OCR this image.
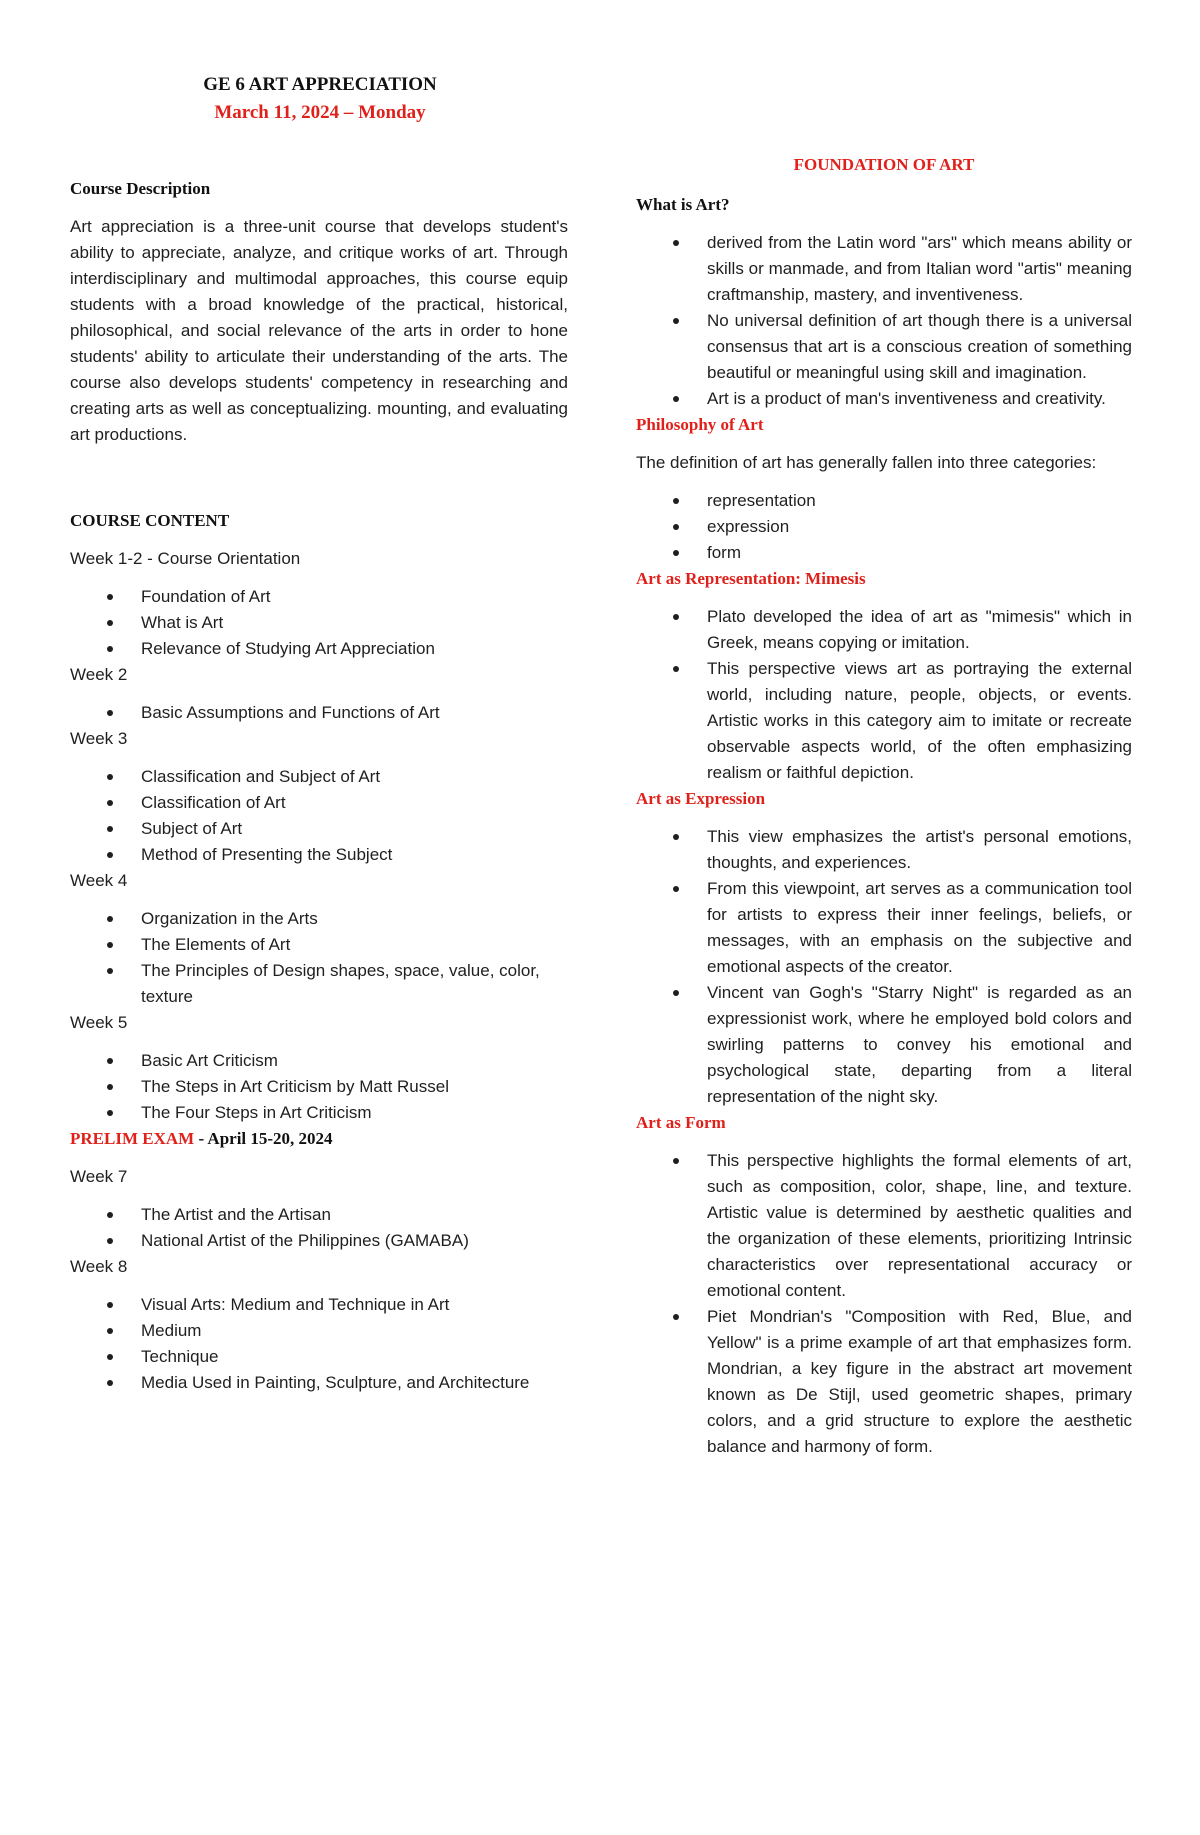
GE 6 ART APPRECIATION
March 11, 2024 – Monday
Course Description
Art appreciation is a three-unit course that develops student's ability to appreciate, analyze, and critique works of art. Through interdisciplinary and multimodal approaches, this course equip students with a broad knowledge of the practical, historical, philosophical, and social relevance of the arts in order to hone students' ability to articulate their understanding of the arts. The course also develops students' competency in researching and creating arts as well as conceptualizing. mounting, and evaluating art productions.
COURSE CONTENT
Week 1-2 - Course Orientation
Foundation of Art
What is Art
Relevance of Studying Art Appreciation
Week 2
Basic Assumptions and Functions of Art
Week 3
Classification and Subject of Art
Classification of Art
Subject of Art
Method of Presenting the Subject
Week 4
Organization in the Arts
The Elements of Art
The Principles of Design shapes, space, value, color, texture
Week 5
Basic Art Criticism
The Steps in Art Criticism by Matt Russel
The Four Steps in Art Criticism
PRELIM EXAM - April 15-20, 2024
Week 7
The Artist and the Artisan
National Artist of the Philippines (GAMABA)
Week 8
Visual Arts: Medium and Technique in Art
Medium
Technique
Media Used in Painting, Sculpture, and Architecture
FOUNDATION OF ART
What is Art?
derived from the Latin word "ars" which means ability or skills or manmade, and from Italian word "artis" meaning craftmanship, mastery, and inventiveness.
No universal definition of art though there is a universal consensus that art is a conscious creation of something beautiful or meaningful using skill and imagination.
Art is a product of man's inventiveness and creativity.
Philosophy of Art
The definition of art has generally fallen into three categories:
representation
expression
form
Art as Representation: Mimesis
Plato developed the idea of art as "mimesis" which in Greek, means copying or imitation.
This perspective views art as portraying the external world, including nature, people, objects, or events. Artistic works in this category aim to imitate or recreate observable aspects world, of the often emphasizing realism or faithful depiction.
Art as Expression
This view emphasizes the artist's personal emotions, thoughts, and experiences.
From this viewpoint, art serves as a communication tool for artists to express their inner feelings, beliefs, or messages, with an emphasis on the subjective and emotional aspects of the creator.
Vincent van Gogh's "Starry Night" is regarded as an expressionist work, where he employed bold colors and swirling patterns to convey his emotional and psychological state, departing from a literal representation of the night sky.
Art as Form
This perspective highlights the formal elements of art, such as composition, color, shape, line, and texture. Artistic value is determined by aesthetic qualities and the organization of these elements, prioritizing Intrinsic characteristics over representational accuracy or emotional content.
Piet Mondrian's "Composition with Red, Blue, and Yellow" is a prime example of art that emphasizes form. Mondrian, a key figure in the abstract art movement known as De Stijl, used geometric shapes, primary colors, and a grid structure to explore the aesthetic balance and harmony of form.
